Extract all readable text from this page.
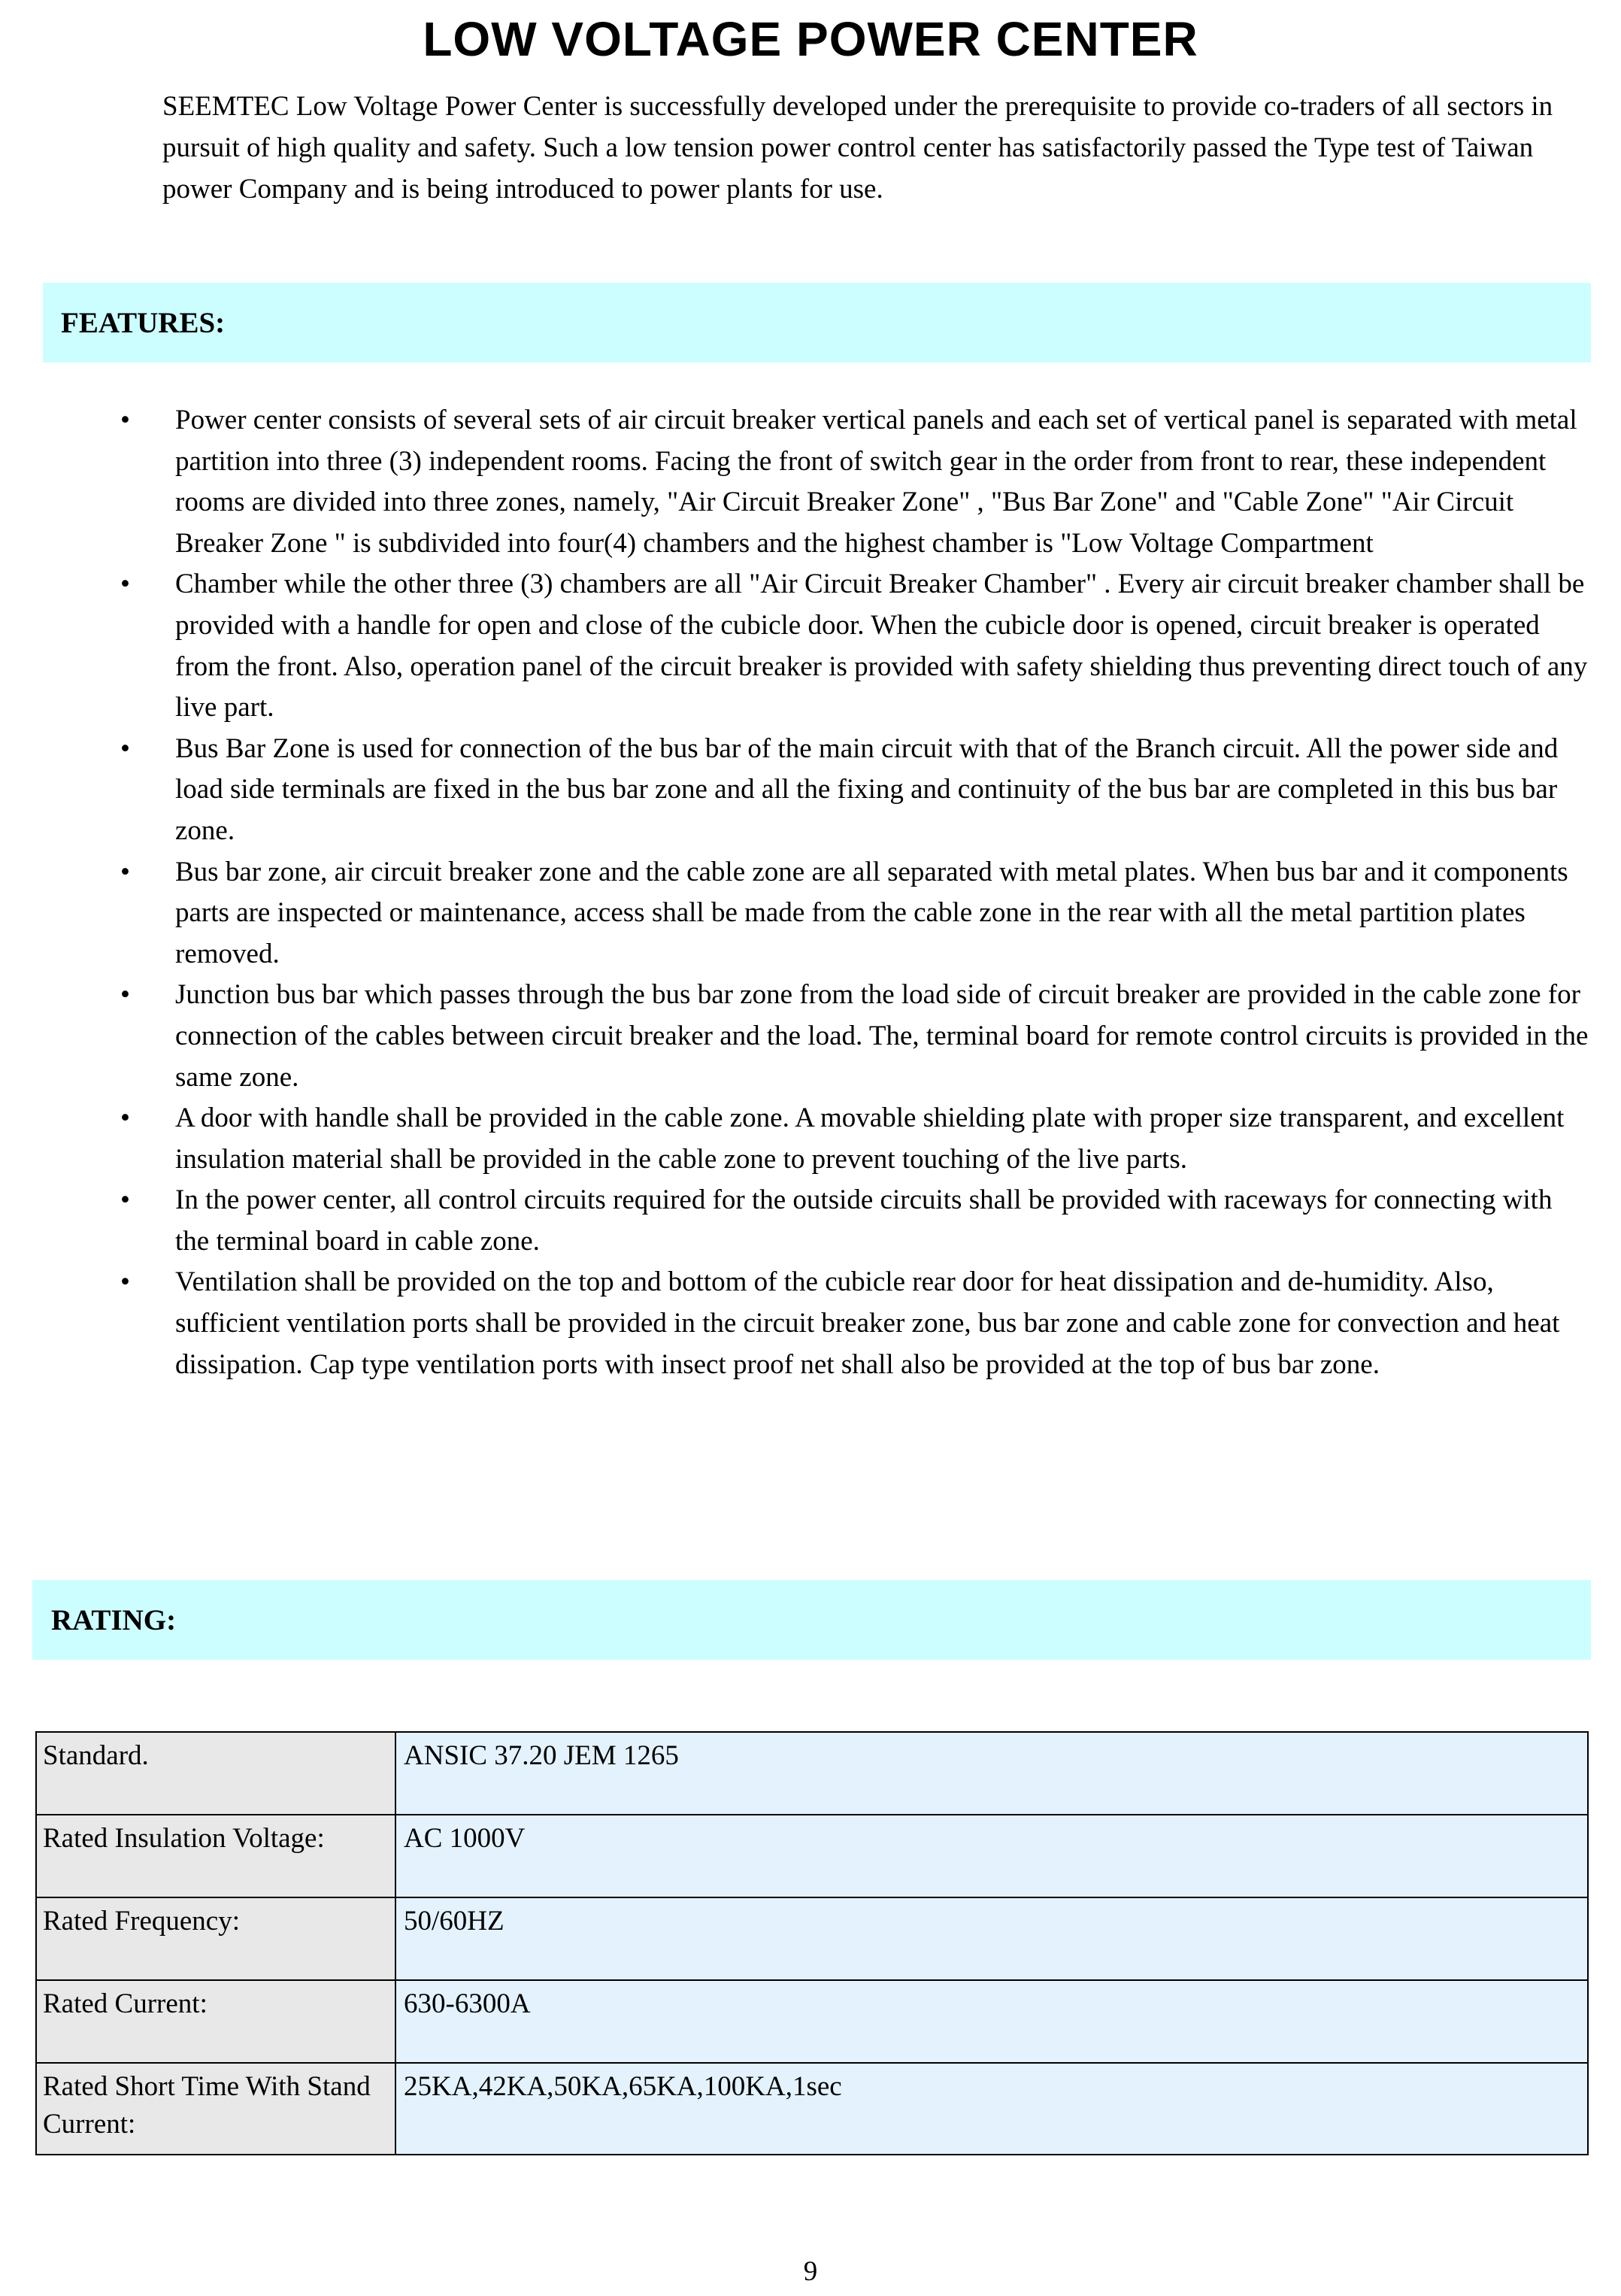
LOW VOLTAGE POWER CENTER

SEEMTEC Low Voltage Power Center is successfully developed under the prerequisite to provide co-traders of all sectors in pursuit of high quality and safety. Such a low tension power control center has satisfactorily passed the Type test of Taiwan power Company and is being introduced to power plants for use.

FEATURES:
• Power center consists of several sets of air circuit breaker vertical panels and each set of vertical panel is separated with metal partition into three (3) independent rooms. Facing the front of switch gear in the order from front to rear, these independent rooms are divided into three zones, namely, "Air Circuit Breaker Zone" , "Bus Bar Zone" and "Cable Zone" "Air Circuit Breaker Zone " is subdivided into four(4) chambers and the highest chamber is "Low Voltage Compartment
• Chamber while the other three (3) chambers are all "Air Circuit Breaker Chamber" . Every air circuit breaker chamber shall be provided with a handle for open and close of the cubicle door. When the cubicle door is opened, circuit breaker is operated from the front. Also, operation panel of the circuit breaker is provided with safety shielding thus preventing direct touch of any live part.
• Bus Bar Zone is used for connection of the bus bar of the main circuit with that of the Branch circuit. All the power side and load side terminals are fixed in the bus bar zone and all the fixing and continuity of the bus bar are completed in this bus bar zone.
• Bus bar zone, air circuit breaker zone and the cable zone are all separated with metal plates. When bus bar and it components parts are inspected or maintenance, access shall be made from the cable zone in the rear with all the metal partition plates removed.
• Junction bus bar which passes through the bus bar zone from the load side of circuit breaker are provided in the cable zone for connection of the cables between circuit breaker and the load. The, terminal board for remote control circuits is provided in the same zone.
• A door with handle shall be provided in the cable zone. A movable shielding plate with proper size transparent, and excellent insulation material shall be provided in the cable zone to prevent touching of the live parts.
• In the power center, all control circuits required for the outside circuits shall be provided with raceways for connecting with the terminal board in cable zone.
• Ventilation shall be provided on the top and bottom of the cubicle rear door for heat dissipation and de-humidity. Also, sufficient ventilation ports shall be provided in the circuit breaker zone, bus bar zone and cable zone for convection and heat dissipation. Cap type ventilation ports with insect proof net shall also be provided at the top of bus bar zone.
RATING:
Standard.	ANSIC 37.20 JEM 1265
Rated Insulation Voltage:	AC 1000V
Rated Frequency:	50/60HZ
Rated Current:	630-6300A
Rated Short Time With Stand Current:	25KA,42KA,50KA,65KA,100KA,1sec
9
